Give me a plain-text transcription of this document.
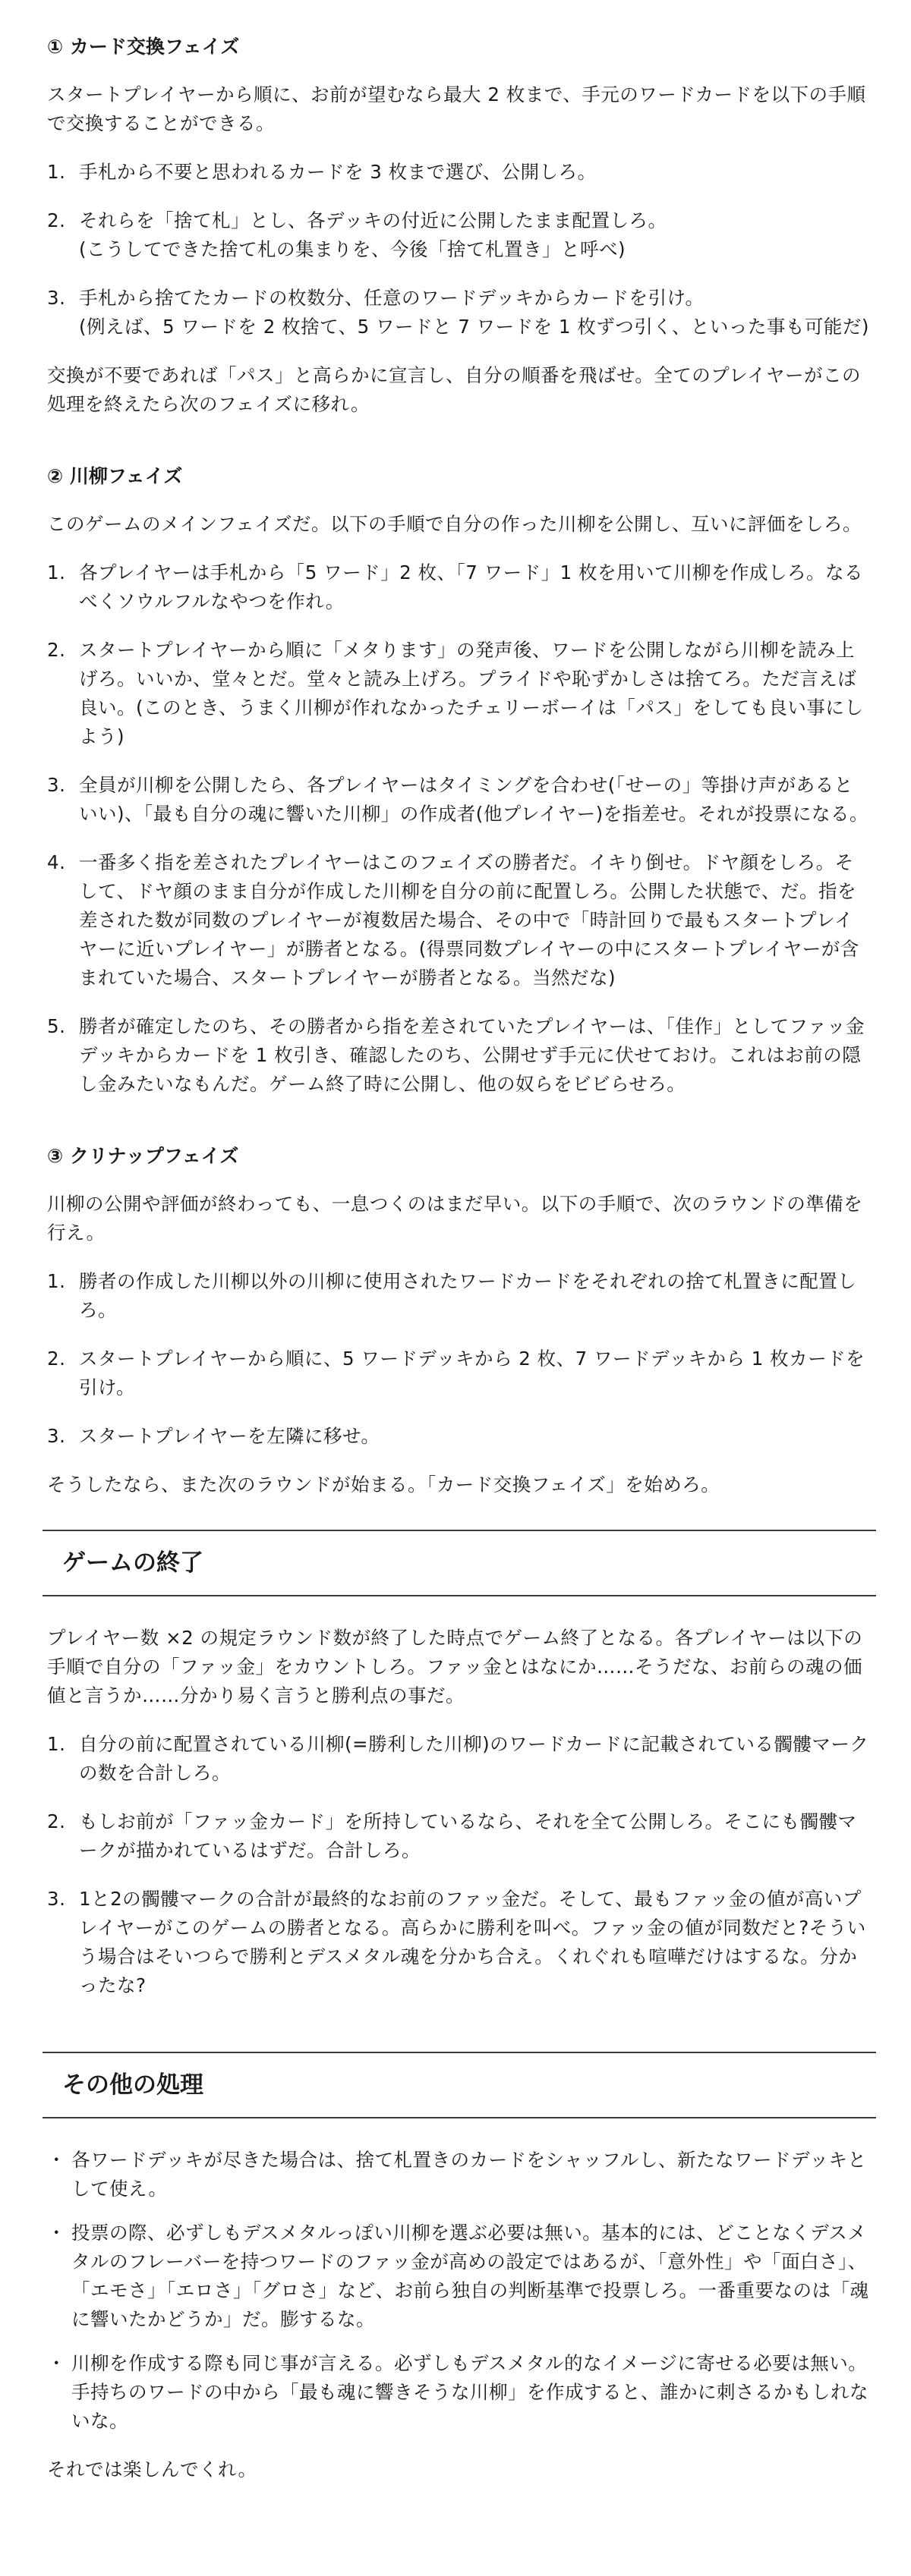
① カード交換フェイズ

スタートプレイヤーから順に、お前が望むなら最大 2 枚まで、手元のワードカードを以下の手順で交換することができる。

1. 手札から不要と思われるカードを 3 枚まで選び、公開しろ。
2. それらを「捨て札」とし、各デッキの付近に公開したまま配置しろ。
(こうしてできた捨て札の集まりを、今後「捨て札置き」と呼べ)
3. 手札から捨てたカードの枚数分、任意のワードデッキからカードを引け。
(例えば、5 ワードを 2 枚捨て、5 ワードと 7 ワードを 1 枚ずつ引く、といった事も可能だ)

交換が不要であれば「パス」と高らかに宣言し、自分の順番を飛ばせ。全てのプレイヤーがこの処理を終えたら次のフェイズに移れ。

② 川柳フェイズ

このゲームのメインフェイズだ。以下の手順で自分の作った川柳を公開し、互いに評価をしろ。

1. 各プレイヤーは手札から「5 ワード」2 枚、「7 ワード」1 枚を用いて川柳を作成しろ。なるべくソウルフルなやつを作れ。
2. スタートプレイヤーから順に「メタります」の発声後、ワードを公開しながら川柳を読み上げろ。いいか、堂々とだ。堂々と読み上げろ。プライドや恥ずかしさは捨てろ。ただ言えば良い。(このとき、うまく川柳が作れなかったチェリーボーイは「パス」をしても良い事にしよう)
3. 全員が川柳を公開したら、各プレイヤーはタイミングを合わせ(「せーの」等掛け声があるといい)、「最も自分の魂に響いた川柳」の作成者(他プレイヤー)を指差せ。それが投票になる。
4. 一番多く指を差されたプレイヤーはこのフェイズの勝者だ。イキり倒せ。ドヤ顔をしろ。そして、ドヤ顔のまま自分が作成した川柳を自分の前に配置しろ。公開した状態で、だ。指を差された数が同数のプレイヤーが複数居た場合、その中で「時計回りで最もスタートプレイヤーに近いプレイヤー」が勝者となる。(得票同数プレイヤーの中にスタートプレイヤーが含まれていた場合、スタートプレイヤーが勝者となる。当然だな)
5. 勝者が確定したのち、その勝者から指を差されていたプレイヤーは、「佳作」としてファッ金デッキからカードを 1 枚引き、確認したのち、公開せず手元に伏せておけ。これはお前の隠し金みたいなもんだ。ゲーム終了時に公開し、他の奴らをビビらせろ。
③ クリナップフェイズ

川柳の公開や評価が終わっても、一息つくのはまだ早い。以下の手順で、次のラウンドの準備を行え。

1. 勝者の作成した川柳以外の川柳に使用されたワードカードをそれぞれの捨て札置きに配置しろ。
2. スタートプレイヤーから順に、5 ワードデッキから 2 枚、7 ワードデッキから 1 枚カードを引け。
3. スタートプレイヤーを左隣に移せ。

そうしたなら、また次のラウンドが始まる。「カード交換フェイズ」を始めろ。

ゲームの終了

プレイヤー数 ×2 の規定ラウンド数が終了した時点でゲーム終了となる。各プレイヤーは以下の手順で自分の「ファッ金」をカウントしろ。ファッ金とはなにか……そうだな、お前らの魂の価値と言うか……分かり易く言うと勝利点の事だ。

1. 自分の前に配置されている川柳(=勝利した川柳)のワードカードに記載されている髑髏マークの数を合計しろ。
2. もしお前が「ファッ金カード」を所持しているなら、それを全て公開しろ。そこにも髑髏マークが描かれているはずだ。合計しろ。
3. 1と2の髑髏マークの合計が最終的なお前のファッ金だ。そして、最もファッ金の値が高いプレイヤーがこのゲームの勝者となる。高らかに勝利を叫べ。ファッ金の値が同数だと?そういう場合はそいつらで勝利とデスメタル魂を分かち合え。くれぐれも喧嘩だけはするな。分かったな?
その他の処理
・ 各ワードデッキが尽きた場合は、捨て札置きのカードをシャッフルし、新たなワードデッキとして使え。
・ 投票の際、必ずしもデスメタルっぽい川柳を選ぶ必要は無い。基本的には、どことなくデスメタルのフレーバーを持つワードのファッ金が高めの設定ではあるが、「意外性」や「面白さ」、「エモさ」「エロさ」「グロさ」など、お前ら独自の判断基準で投票しろ。一番重要なのは「魂に響いたかどうか」だ。膨するな。
・ 川柳を作成する際も同じ事が言える。必ずしもデスメタル的なイメージに寄せる必要は無い。手持ちのワードの中から「最も魂に響きそうな川柳」を作成すると、誰かに刺さるかもしれないな。

それでは楽しんでくれ。
